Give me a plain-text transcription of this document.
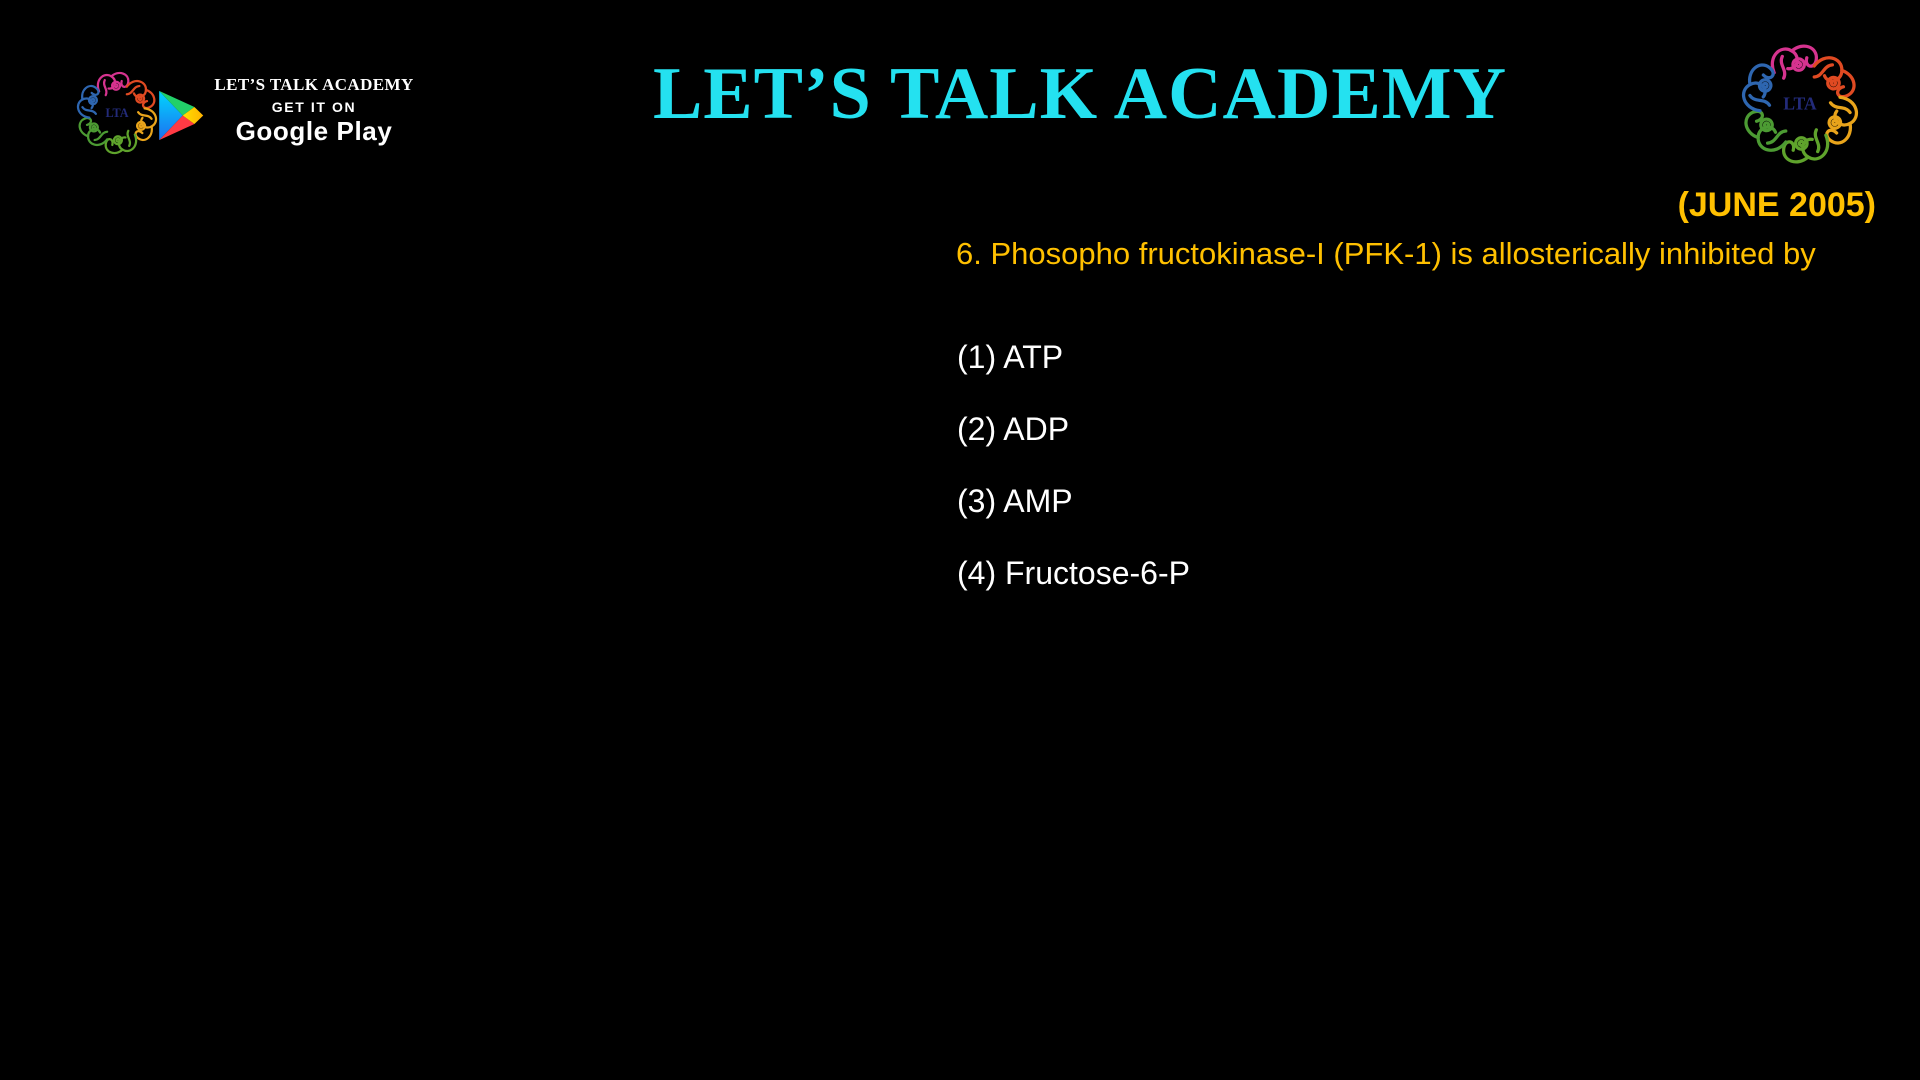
LET’S TALK ACADEMY
GET IT ON
Google Play	LET’S TALK ACADEMY
(JUNE 2005)
6. Phosopho fructokinase-I (PFK-1) is allosterically inhibited by
(1) ATP
(2) ADP
(3) AMP
(4) Fructose-6-P
